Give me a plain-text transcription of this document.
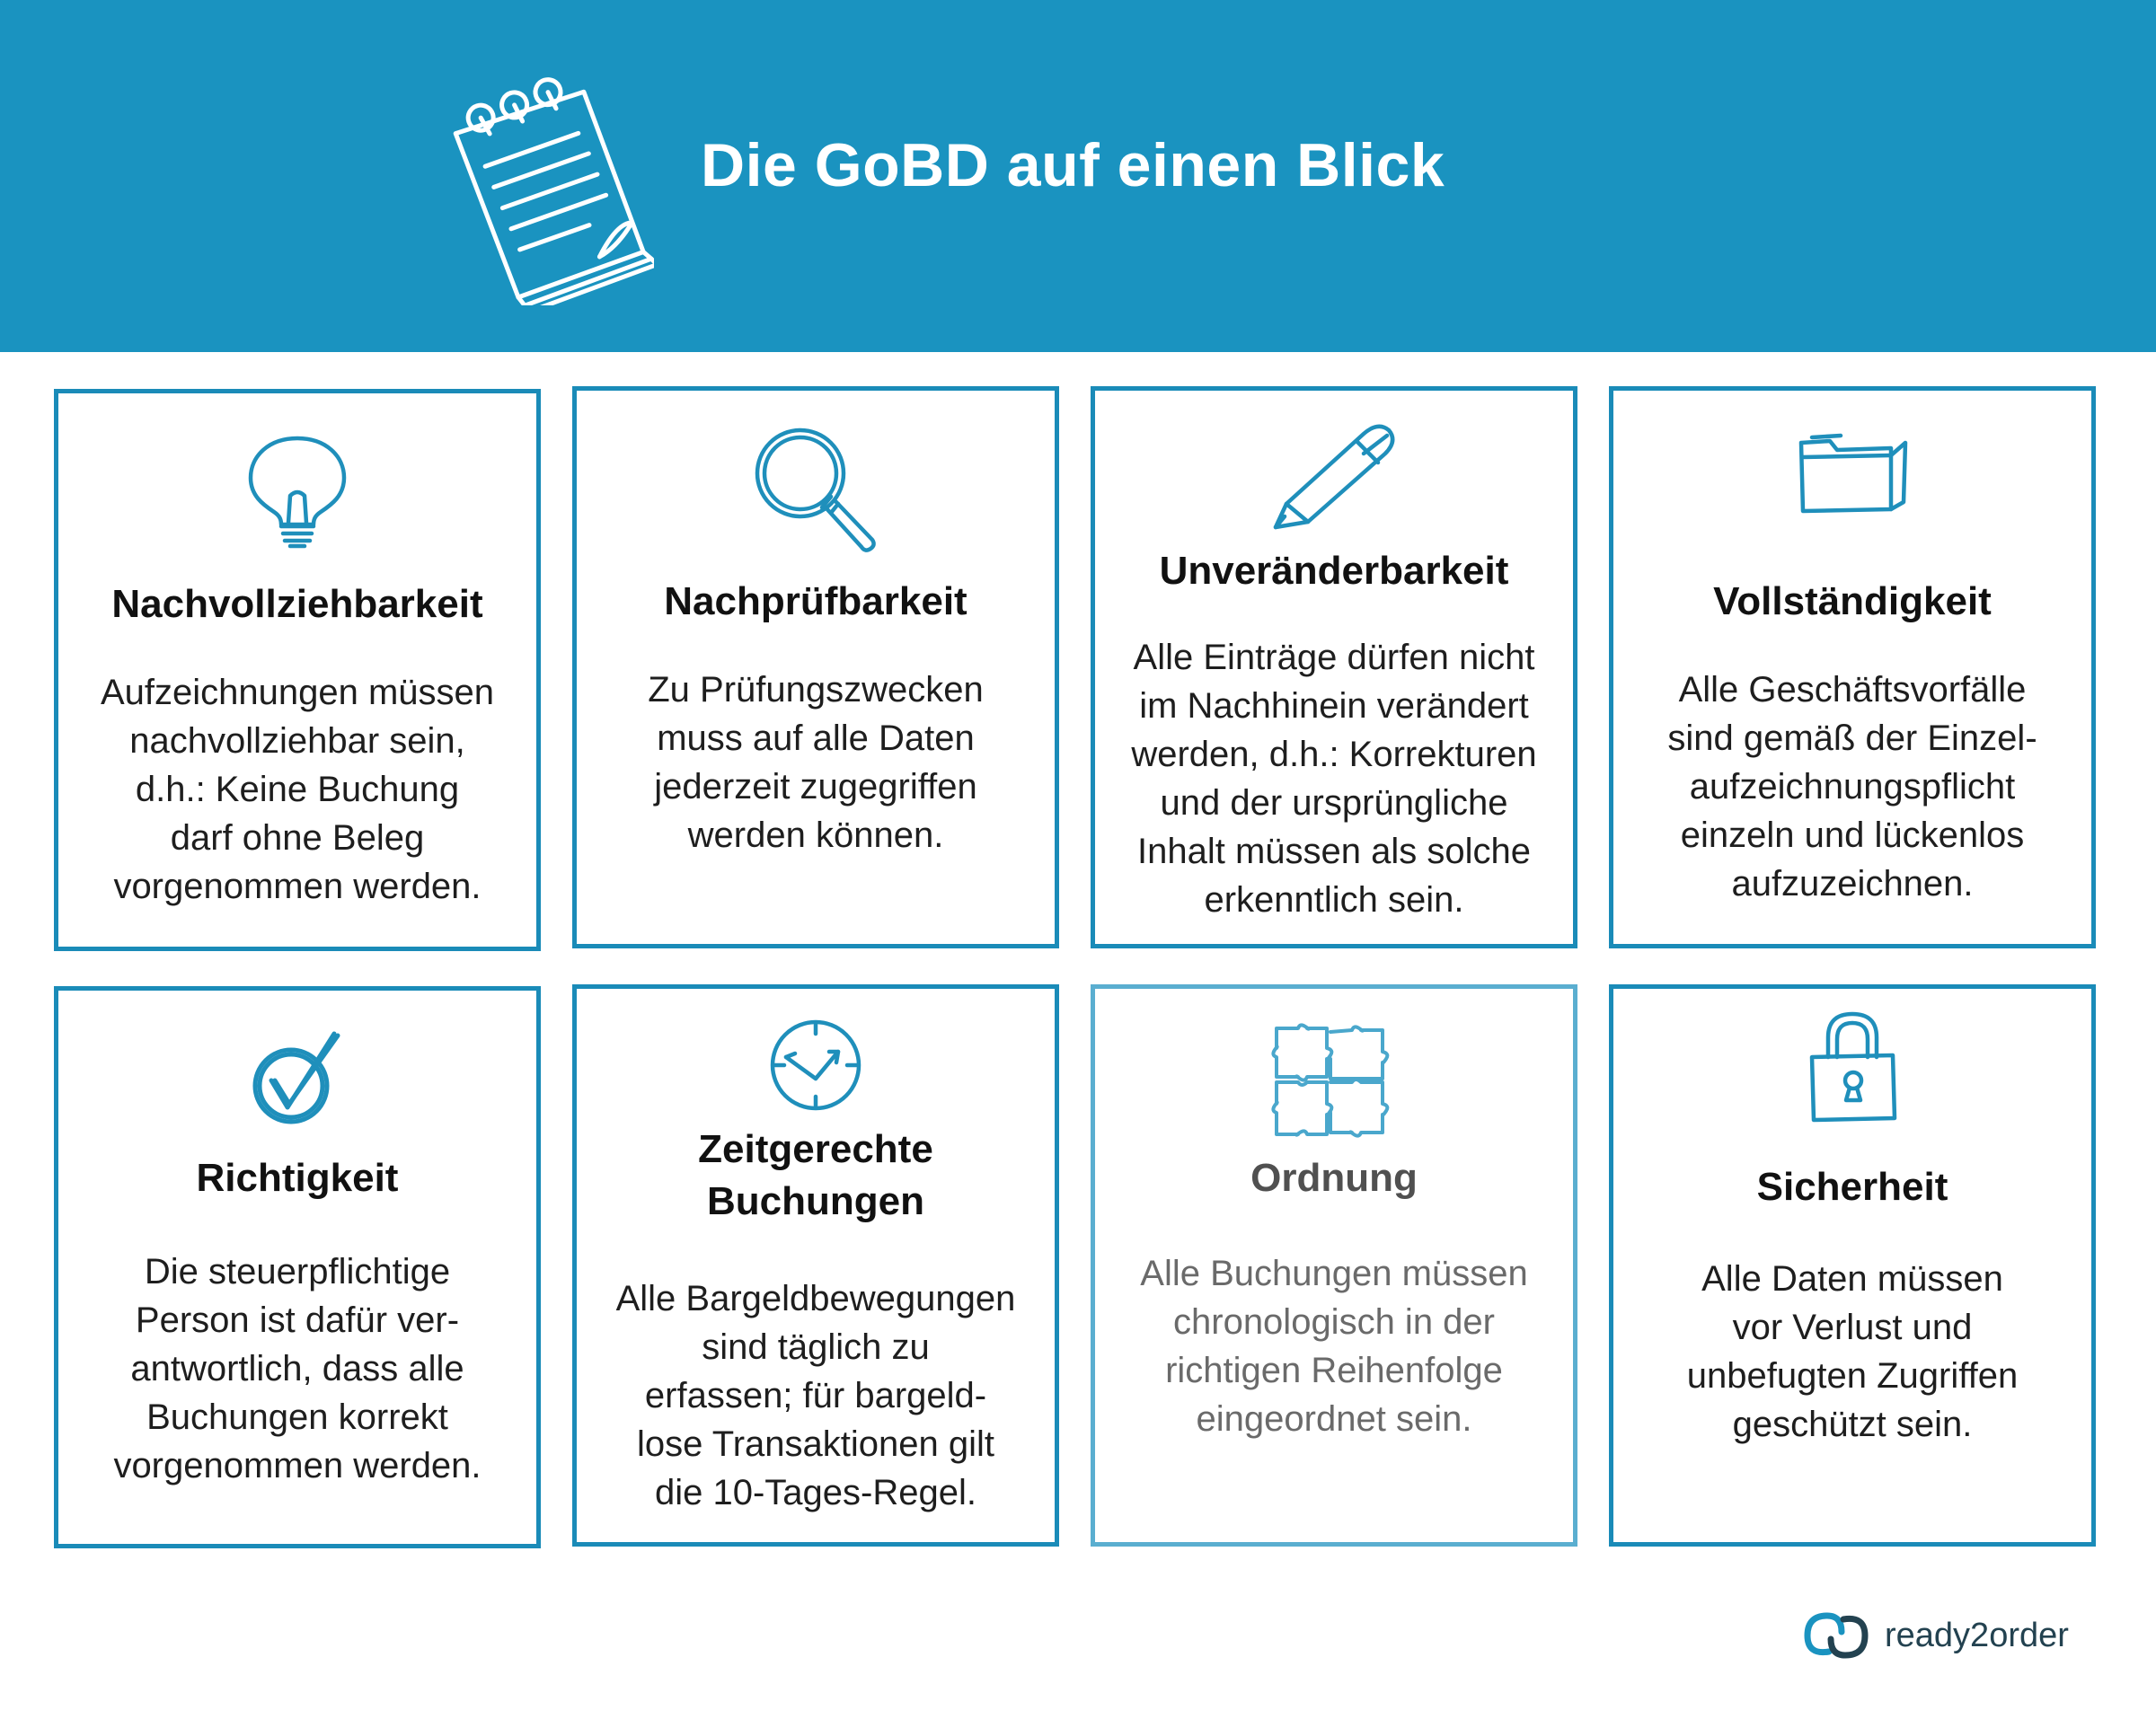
Die GoBD auf einen Blick
Nachvollziehbarkeit
Aufzeichnungen müssen
nachvollziehbar sein,
d.h.: Keine Buchung
darf ohne Beleg
vorgenommen werden.
Nachprüfbarkeit
Zu Prüfungszwecken
muss auf alle Daten
jederzeit zugegriffen
werden können.
Unveränderbarkeit
Alle Einträge dürfen nicht
im Nachhinein verändert
werden, d.h.: Korrekturen
und der ursprüngliche
Inhalt müssen als solche
erkenntlich sein.
Vollständigkeit
Alle Geschäftsvorfälle
sind gemäß der Einzel-
aufzeichnungspflicht
einzeln und lückenlos
aufzuzeichnen.
Richtigkeit
Die steuerpflichtige
Person ist dafür ver-
antwortlich, dass alle
Buchungen korrekt
vorgenommen werden.
Zeitgerechte
Buchungen
Alle Bargeldbewegungen
sind täglich zu
erfassen; für bargeld-
lose Transaktionen gilt
die 10-Tages-Regel.
Ordnung
Alle Buchungen müssen
chronologisch in der
richtigen Reihenfolge
eingeordnet sein.
Sicherheit
Alle Daten müssen
vor Verlust und
unbefugten Zugriffen
geschützt sein.
ready2order
